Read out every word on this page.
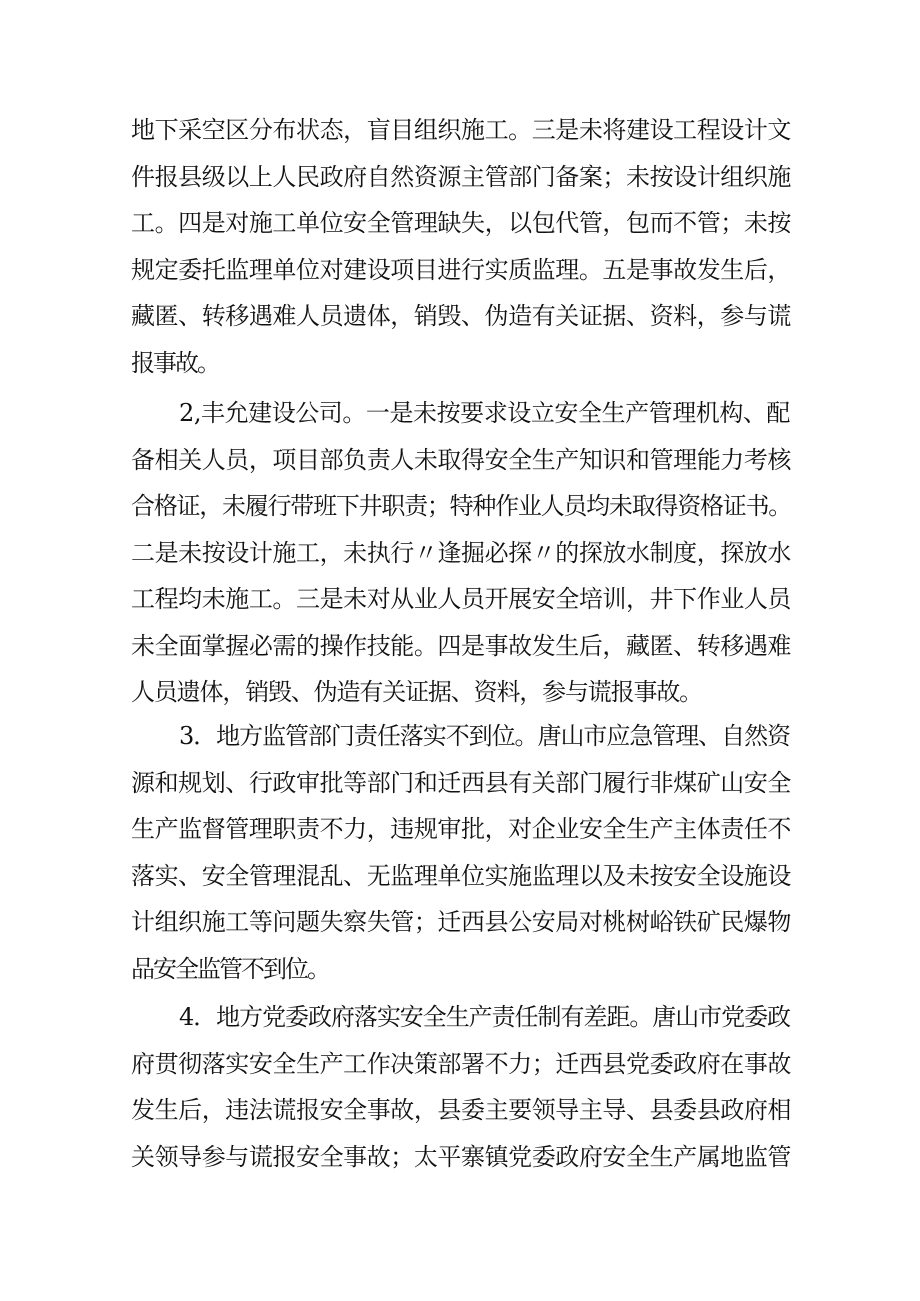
地下采空区分布状态，盲目组织施工。三是未将建设工程设计文
件报县级以上人民政府自然资源主管部门备案；未按设计组织施
工。四是对施工单位安全管理缺失，以包代管，包而不管；未按
规定委托监理单位对建设项目进行实质监理。五是事故发生后，
藏匿、转移遇难人员遗体，销毁、伪造有关证据、资料，参与谎
报事故。
2,丰允建设公司。一是未按要求设立安全生产管理机构、配
备相关人员，项目部负责人未取得安全生产知识和管理能力考核
合格证，未履行带班下井职责；特种作业人员均未取得资格证书。
二是未按设计施工，未执行〃逢掘必探〃的探放水制度，探放水
工程均未施工。三是未对从业人员开展安全培训，井下作业人员
未全面掌握必需的操作技能。四是事故发生后，藏匿、转移遇难
人员遗体，销毁、伪造有关证据、资料，参与谎报事故。
3．地方监管部门责任落实不到位。唐山市应急管理、自然资
源和规划、行政审批等部门和迁西县有关部门履行非煤矿山安全
生产监督管理职责不力，违规审批，对企业安全生产主体责任不
落实、安全管理混乱、无监理单位实施监理以及未按安全设施设
计组织施工等问题失察失管；迁西县公安局对桃树峪铁矿民爆物
品安全监管不到位。
4．地方党委政府落实安全生产责任制有差距。唐山市党委政
府贯彻落实安全生产工作决策部署不力；迁西县党委政府在事故
发生后，违法谎报安全事故，县委主要领导主导、县委县政府相
关领导参与谎报安全事故；太平寨镇党委政府安全生产属地监管
